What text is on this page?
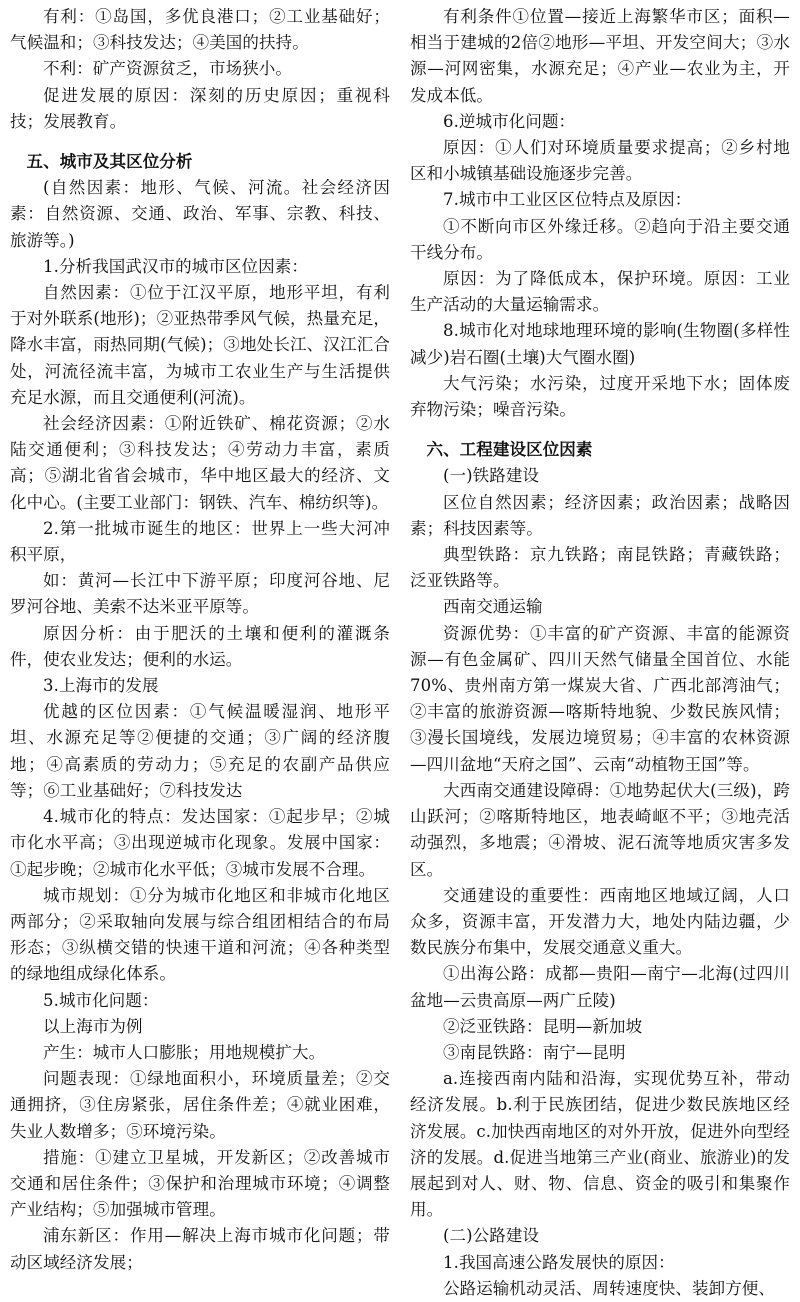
有利：①岛国，多优良港口；②工业基础好；气候温和；③科技发达；④美国的扶持。

不利：矿产资源贫乏，市场狭小。

促进发展的原因：深刻的历史原因；重视科技；发展教育。

五、城市及其区位分析

(自然因素：地形、气候、河流。社会经济因素：自然资源、交通、政治、军事、宗教、科技、旅游等。)

1.分析我国武汉市的城市区位因素：

自然因素：①位于江汉平原，地形平坦，有利于对外联系(地形)；②亚热带季风气候，热量充足，降水丰富，雨热同期(气候)；③地处长江、汉江汇合处，河流径流丰富，为城市工农业生产与生活提供充足水源，而且交通便利(河流)。

社会经济因素：①附近铁矿、棉花资源；②水陆交通便利；③科技发达；④劳动力丰富，素质高；⑤湖北省省会城市，华中地区最大的经济、文化中心。(主要工业部门：钢铁、汽车、棉纺织等)。

2.第一批城市诞生的地区：世界上一些大河冲积平原，

如：黄河—长江中下游平原；印度河谷地、尼罗河谷地、美索不达米亚平原等。

原因分析：由于肥沃的土壤和便利的灌溉条件，使农业发达；便利的水运。

3.上海市的发展

优越的区位因素：①气候温暖湿润、地形平坦、水源充足等②便捷的交通；③广阔的经济腹地；④高素质的劳动力；⑤充足的农副产品供应等；⑥工业基础好；⑦科技发达

4.城市化的特点：发达国家：①起步早；②城市化水平高；③出现逆城市化现象。发展中国家：①起步晚；②城市化水平低；③城市发展不合理。

城市规划：①分为城市化地区和非城市化地区两部分；②采取轴向发展与综合组团相结合的布局形态；③纵横交错的快速干道和河流；④各种类型的绿地组成绿化体系。

5.城市化问题：

以上海市为例

产生：城市人口膨胀；用地规模扩大。

问题表现：①绿地面积小，环境质量差；②交通拥挤，③住房紧张，居住条件差；④就业困难，失业人数增多；⑤环境污染。

措施：①建立卫星城，开发新区；②改善城市交通和居住条件；③保护和治理城市环境；④调整产业结构；⑤加强城市管理。

浦东新区：作用—解决上海市城市化问题；带动区域经济发展；

有利条件①位置—接近上海繁华市区；面积—相当于建城的2倍②地形—平坦、开发空间大；③水源—河网密集，水源充足；④产业—农业为主，开发成本低。

6.逆城市化问题：

原因：①人们对环境质量要求提高；②乡村地区和小城镇基础设施逐步完善。

7.城市中工业区区位特点及原因：

①不断向市区外缘迁移。②趋向于沿主要交通干线分布。

原因：为了降低成本，保护环境。原因：工业生产活动的大量运输需求。

8.城市化对地球地理环境的影响(生物圈(多样性减少)岩石圈(土壤)大气圈水圈)

大气污染；水污染，过度开采地下水；固体废弃物污染；噪音污染。

六、工程建设区位因素

(一)铁路建设

区位自然因素；经济因素；政治因素；战略因素；科技因素等。

典型铁路：京九铁路；南昆铁路；青藏铁路；泛亚铁路等。

西南交通运输

资源优势：①丰富的矿产资源、丰富的能源资源—有色金属矿、四川天然气储量全国首位、水能70%、贵州南方第一煤炭大省、广西北部湾油气；②丰富的旅游资源—喀斯特地貌、少数民族风情；③漫长国境线，发展边境贸易；④丰富的农林资源—四川盆地“天府之国”、云南“动植物王国”等。

大西南交通建设障碍：①地势起伏大(三级)，跨山跃河；②喀斯特地区，地表崎岖不平；③地壳活动强烈，多地震；④滑坡、泥石流等地质灾害多发区。

交通建设的重要性：西南地区地域辽阔，人口众多，资源丰富，开发潜力大，地处内陆边疆，少数民族分布集中，发展交通意义重大。

①出海公路：成都—贵阳—南宁—北海(过四川盆地—云贵高原—两广丘陵)

②泛亚铁路：昆明—新加坡

③南昆铁路：南宁—昆明

a.连接西南内陆和沿海，实现优势互补，带动经济发展。b.利于民族团结，促进少数民族地区经济发展。c.加快西南地区的对外开放，促进外向型经济的发展。d.促进当地第三产业(商业、旅游业)的发展起到对人、财、物、信息、资金的吸引和集聚作用。

(二)公路建设

1.我国高速公路发展快的原因：

公路运输机动灵活、周转速度快、装卸方便、
